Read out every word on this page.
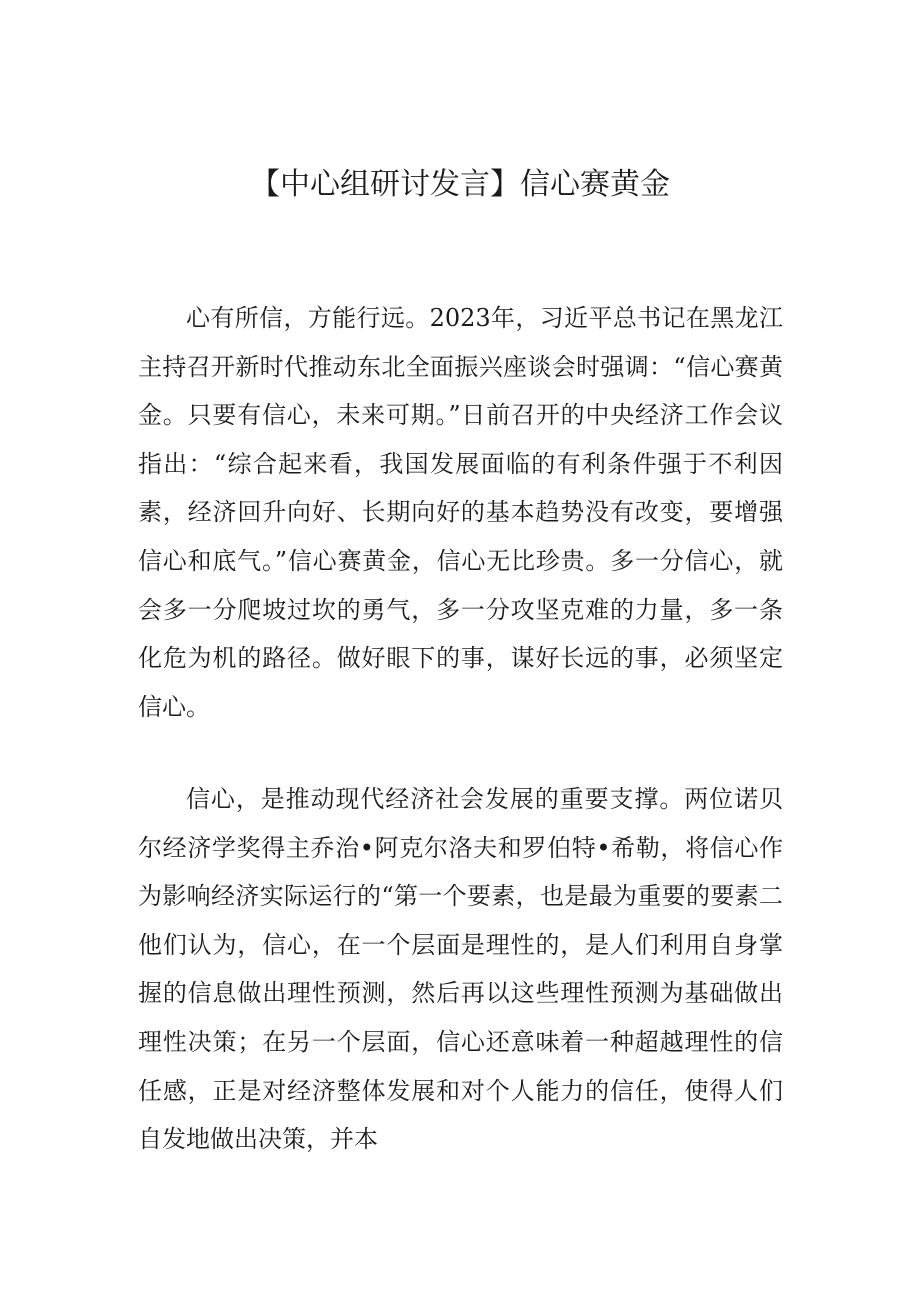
【中心组研讨发言】信心赛黄金

心有所信，方能行远。2023年，习近平总书记在黑龙江主持召开新时代推动东北全面振兴座谈会时强调：“信心赛黄金。只要有信心，未来可期。”日前召开的中央经济工作会议指出：“综合起来看，我国发展面临的有利条件强于不利因素，经济回升向好、长期向好的基本趋势没有改变，要增强信心和底气。”信心赛黄金，信心无比珍贵。多一分信心，就会多一分爬坡过坎的勇气，多一分攻坚克难的力量，多一条化危为机的路径。做好眼下的事，谋好长远的事，必须坚定信心。

信心，是推动现代经济社会发展的重要支撑。两位诺贝尔经济学奖得主乔治•阿克尔洛夫和罗伯特•希勒，将信心作为影响经济实际运行的“第一个要素，也是最为重要的要素二他们认为，信心，在一个层面是理性的，是人们利用自身掌握的信息做出理性预测，然后再以这些理性预测为基础做出理性决策；在另一个层面，信心还意味着一种超越理性的信任感，正是对经济整体发展和对个人能力的信任，使得人们自发地做出决策，并本
